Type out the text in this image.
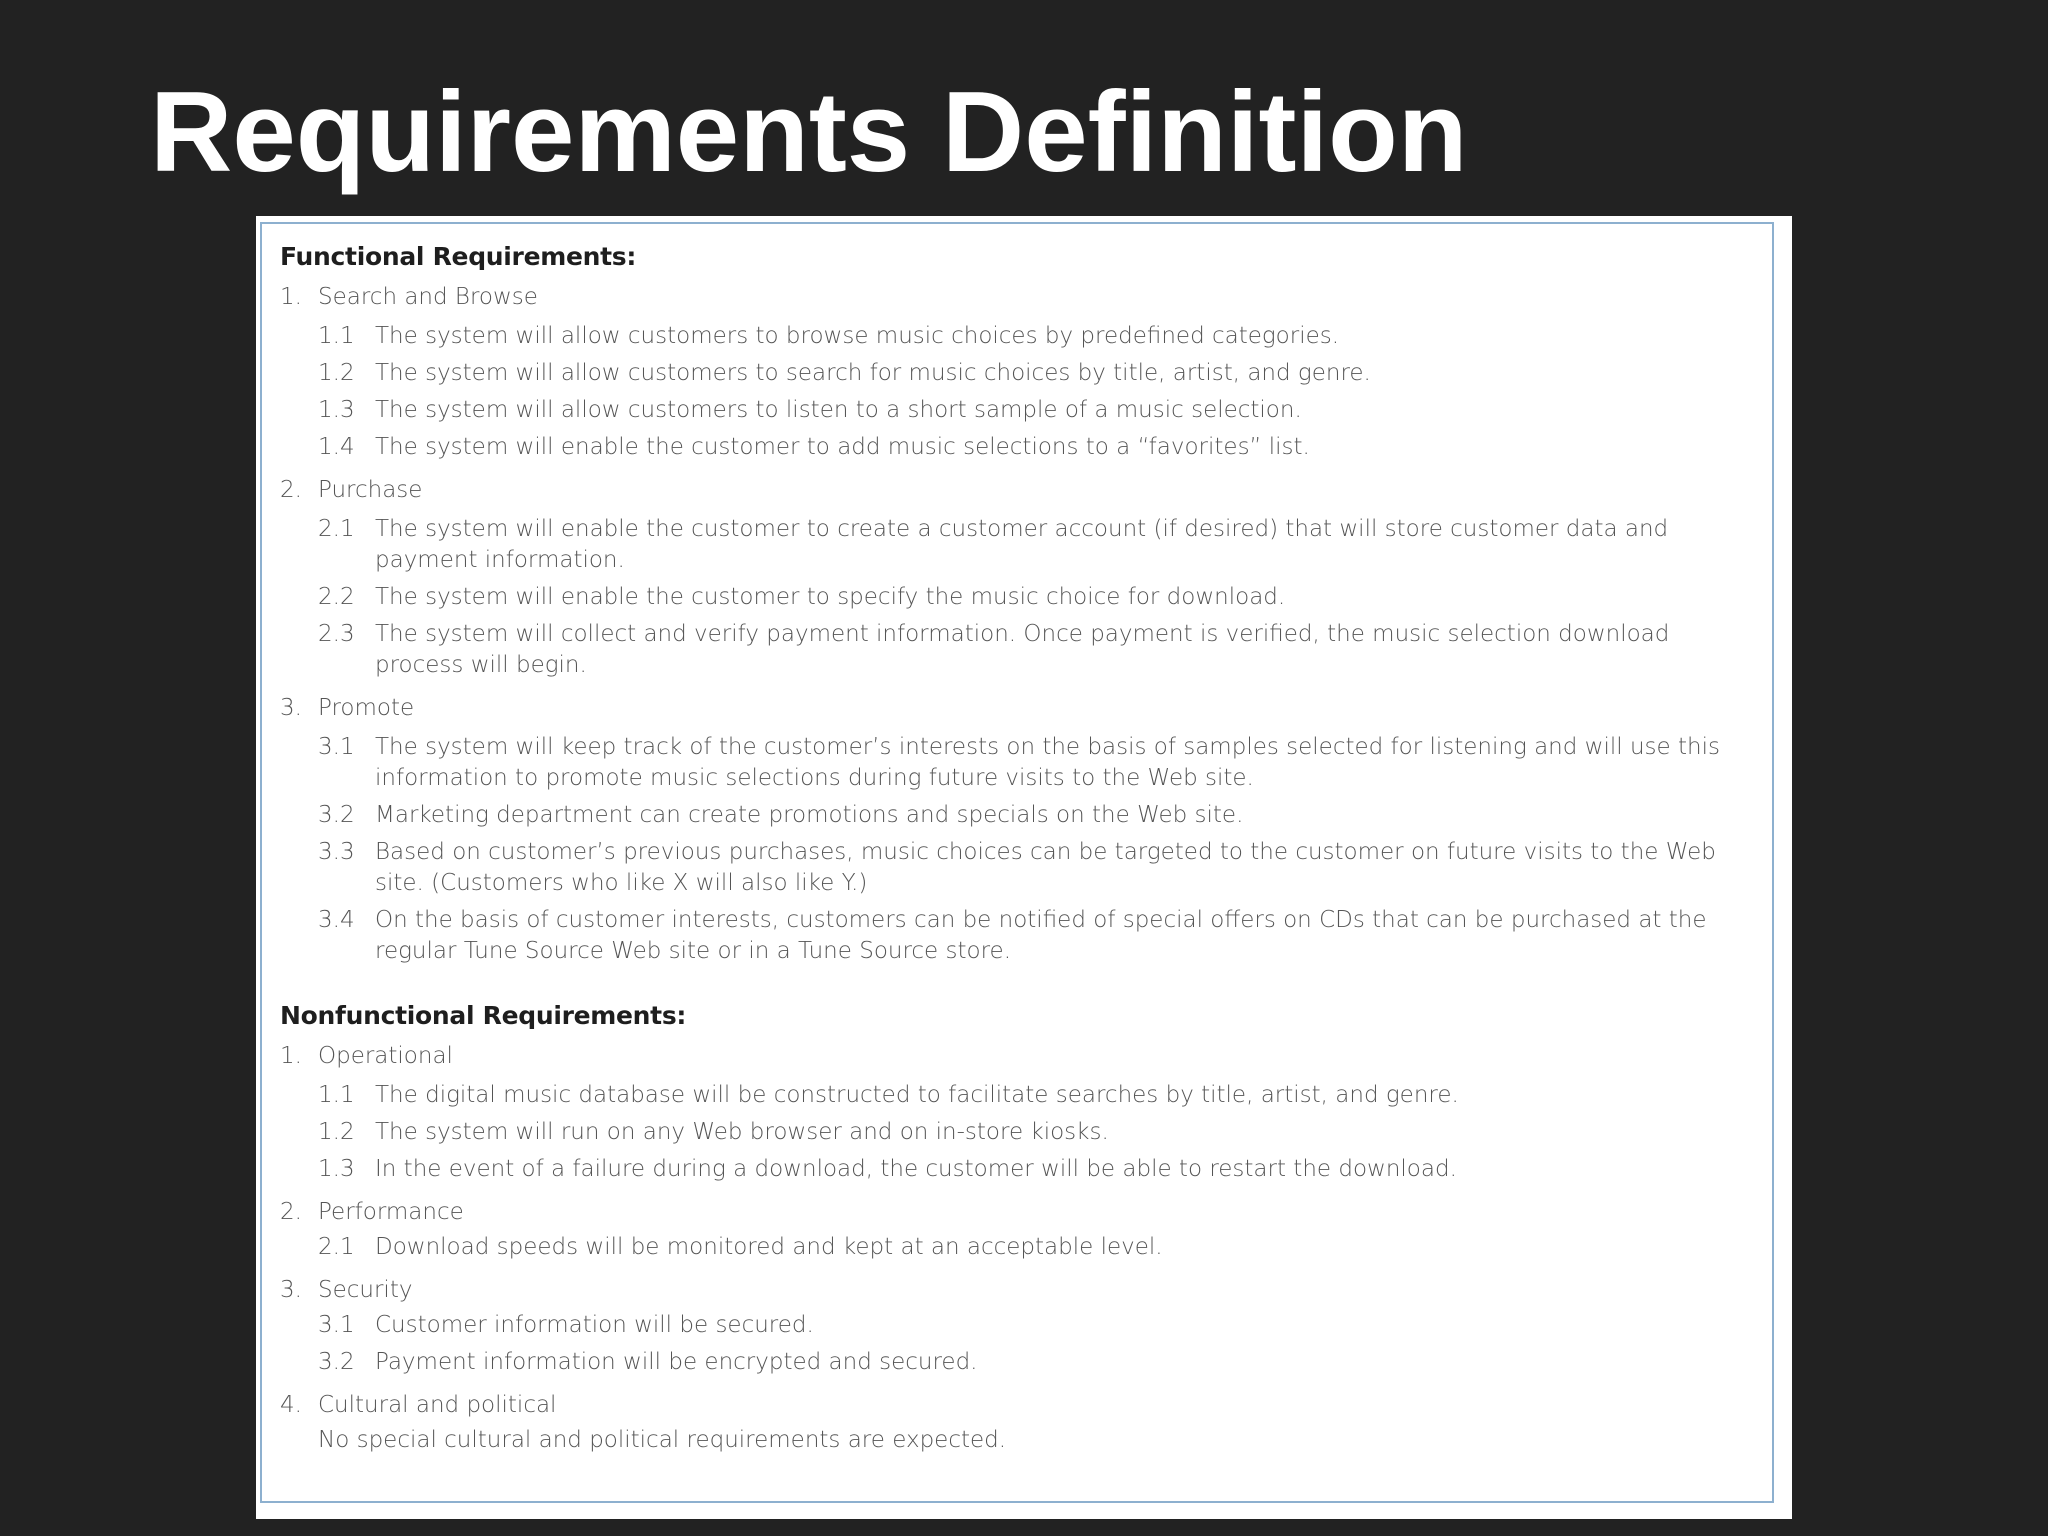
Requirements Definition
Functional Requirements:
1. Search and Browse
1.1 The system will allow customers to browse music choices by predefined categories.
1.2 The system will allow customers to search for music choices by title, artist, and genre.
1.3 The system will allow customers to listen to a short sample of a music selection.
1.4 The system will enable the customer to add music selections to a “favorites” list.
2. Purchase
2.1 The system will enable the customer to create a customer account (if desired) that will store customer data and payment information.
2.2 The system will enable the customer to specify the music choice for download.
2.3 The system will collect and verify payment information. Once payment is verified, the music selection download process will begin.
3. Promote
3.1 The system will keep track of the customer’s interests on the basis of samples selected for listening and will use this information to promote music selections during future visits to the Web site.
3.2 Marketing department can create promotions and specials on the Web site.
3.3 Based on customer’s previous purchases, music choices can be targeted to the customer on future visits to the Web site. (Customers who like X will also like Y.)
3.4 On the basis of customer interests, customers can be notified of special offers on CDs that can be purchased at the regular Tune Source Web site or in a Tune Source store.
Nonfunctional Requirements:
1. Operational
1.1 The digital music database will be constructed to facilitate searches by title, artist, and genre.
1.2 The system will run on any Web browser and on in-store kiosks.
1.3 In the event of a failure during a download, the customer will be able to restart the download.
2. Performance
2.1 Download speeds will be monitored and kept at an acceptable level.
3. Security
3.1 Customer information will be secured.
3.2 Payment information will be encrypted and secured.
4. Cultural and political
No special cultural and political requirements are expected.
